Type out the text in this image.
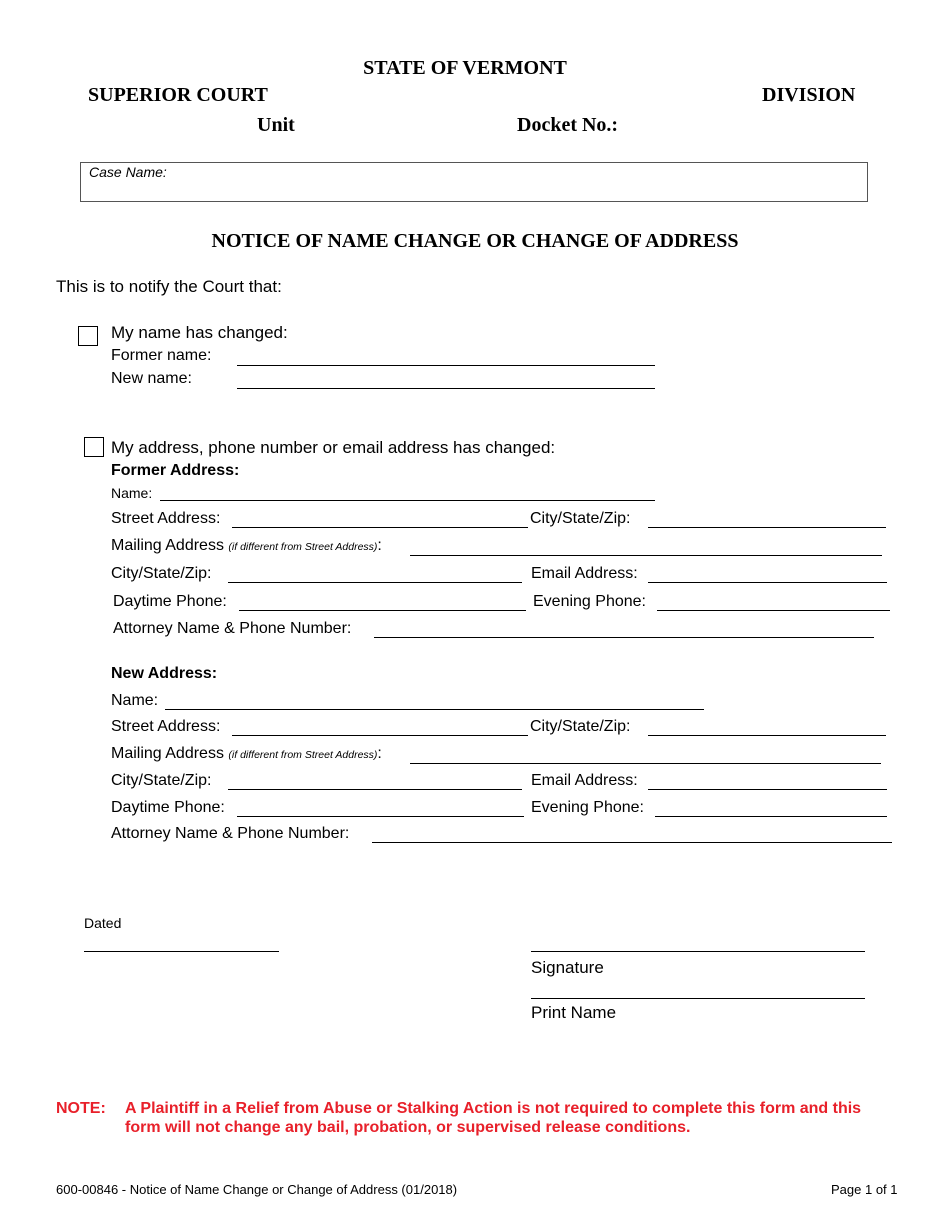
STATE OF VERMONT
SUPERIOR COURT	DIVISION
Unit	Docket No.:
Case Name:
NOTICE OF NAME CHANGE OR CHANGE OF ADDRESS
This is to notify the Court that:
My name has changed:
Former name:
New name:
My address, phone number or email address has changed:
Former Address:
Name:
Street Address:	City/State/Zip:
Mailing Address (if different from Street Address):
City/State/Zip:	Email Address:
Daytime Phone:	Evening Phone:
Attorney Name & Phone Number:
New Address:
Name:
Street Address:	City/State/Zip:
Mailing Address (if different from Street Address):
City/State/Zip:	Email Address:
Daytime Phone:	Evening Phone:
Attorney Name & Phone Number:
Dated
Signature
Print Name
NOTE: A Plaintiff in a Relief from Abuse or Stalking Action is not required to complete this form and this
form will not change any bail, probation, or supervised release conditions.
600-00846 - Notice of Name Change or Change of Address (01/2018)	Page 1 of 1
